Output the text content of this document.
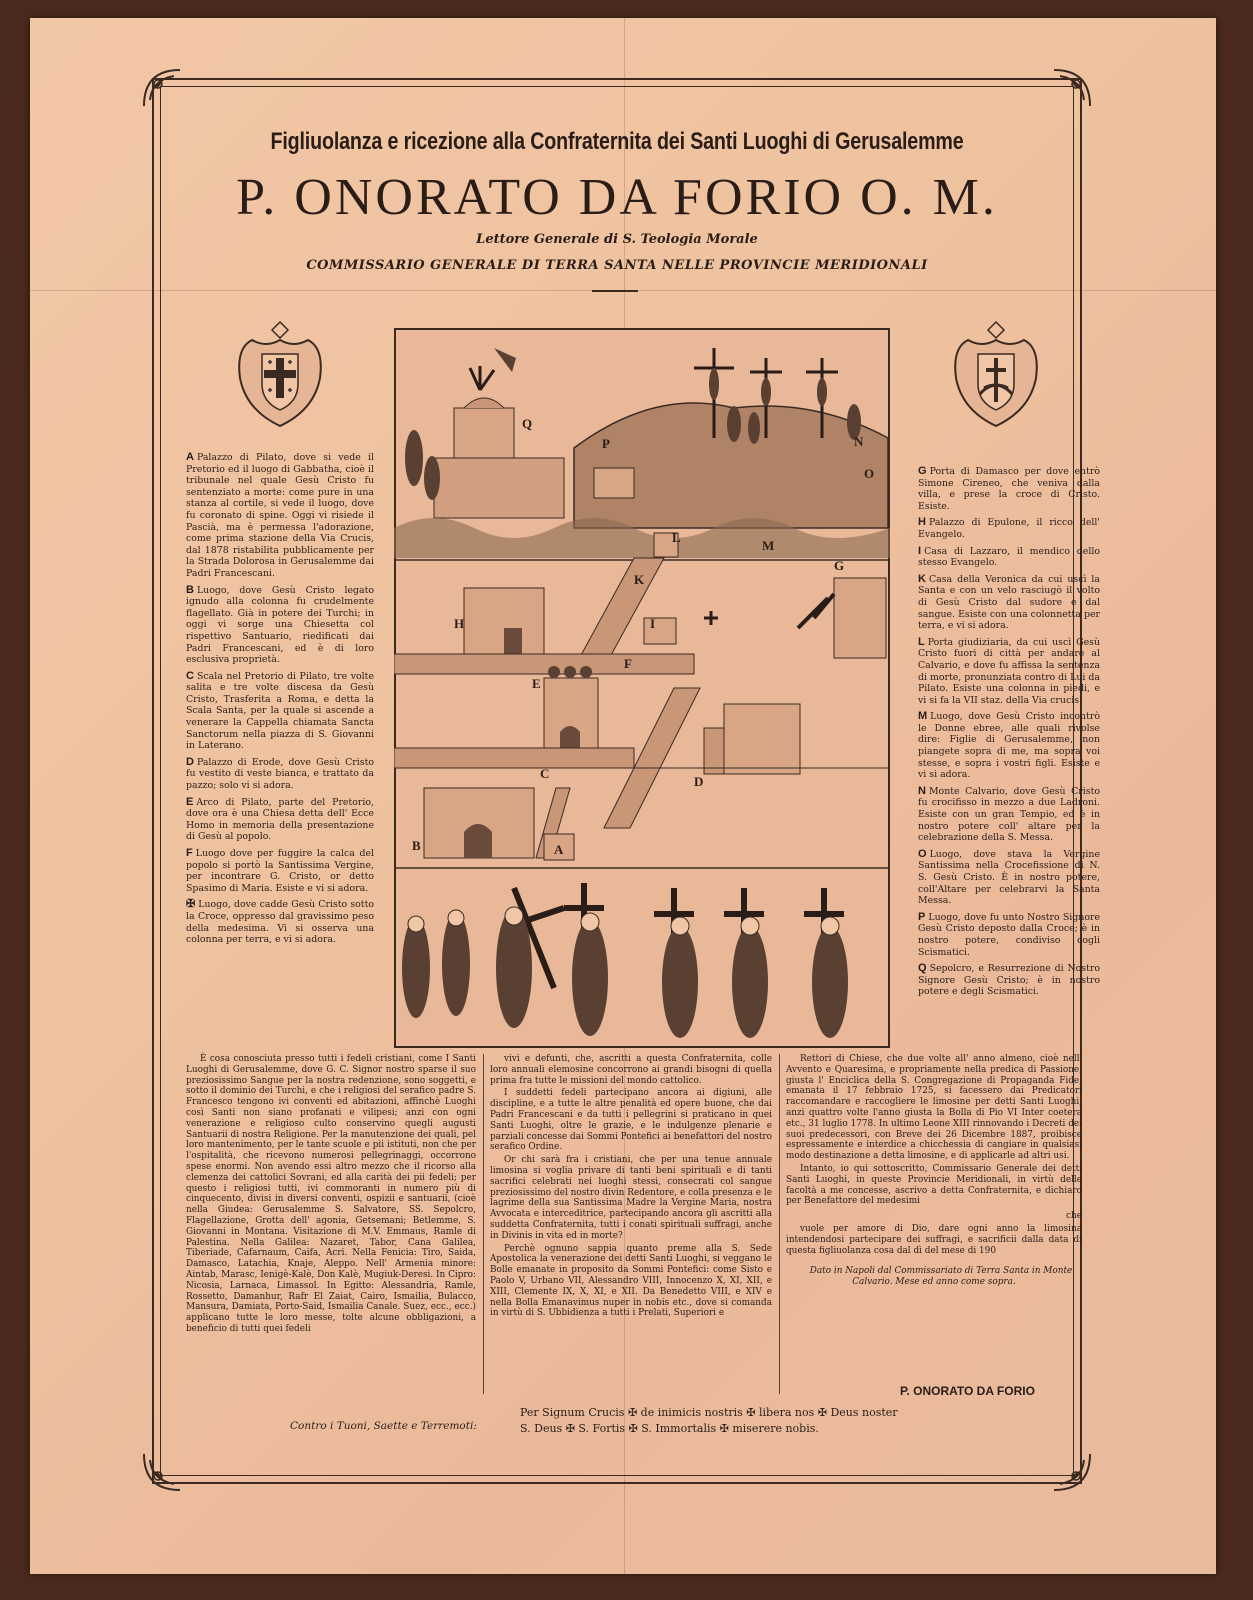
Figliuolanza e ricezione alla Confraternita dei Santi Luoghi di Gerusalemme
P. ONORATO DA FORIO O. M.
Lettore Generale di S. Teologia Morale
COMMISSARIO GENERALE DI TERRA SANTA NELLE PROVINCIE MERIDIONALI

A Palazzo di Pilato, dove si vede il Pretorio ed il luogo di Gabbatha, cioè il tribunale nel quale Gesù Cristo fu sentenziato a morte: come pure in una stanza al cortile, si vede il luogo, dove fu coronato di spine. Oggi vi risiede il Pascià, ma è permessa l'adorazione, come prima stazione della Via Crucis, dal 1878 ristabilita pubblicamente per la Strada Dolorosa in Gerusalemme dai Padri Francescani.

B Luogo, dove Gesù Cristo legato ignudo alla colonna fu crudelmente flagellato. Già in potere dei Turchi; in oggi vi sorge una Chiesetta col rispettivo Santuario, riedificati dai Padri Francescani, ed è di loro esclusiva proprietà.

C Scala nel Pretorio di Pilato, tre volte salita e tre volte discesa da Gesù Cristo, Trasferita a Roma, e detta la Scala Santa, per la quale si ascende a venerare la Cappella chiamata Sancta Sanctorum nella piazza di S. Giovanni in Laterano.

D Palazzo di Erode, dove Gesù Cristo fu vestito di veste bianca, e trattato da pazzo; solo vi si adora.

E Arco di Pilato, parte del Pretorio, dove ora è una Chiesa detta dell' Ecce Homo in memoria della presentazione di Gesù al popolo.

F Luogo dove per fuggire la calca del popolo si portò la Santissima Vergine, per incontrare G. Cristo, or detto Spasimo di Maria. Esiste e vi si adora.

✠ Luogo, dove cadde Gesù Cristo sotto la Croce, oppresso dal gravissimo peso della medesima. Vi si osserva una colonna per terra, e vi si adora.

G Porta di Damasco per dove entrò Simone Cireneo, che veniva dalla villa, e prese la croce di Cristo. Esiste.

H Palazzo di Epulone, il ricco dell' Evangelo.

I Casa di Lazzaro, il mendico dello stesso Evangelo.

K Casa della Veronica da cui uscì la Santa e con un velo rasciugò il volto di Gesù Cristo dal sudore e dal sangue. Esiste con una colonnetta per terra, e vi si adora.

L Porta giudiziaria, da cui uscì Gesù Cristo fuori di città per andare al Calvario, e dove fu affissa la sentenza di morte, pronunziata contro di Lui da Pilato. Esiste una colonna in piedi, e vi si fa la VII staz. della Via crucis.

M Luogo, dove Gesù Cristo incontrò le Donne ebree, alle quali rivolse dire: Figlie di Gerusalemme, non piangete sopra di me, ma sopra voi stesse, e sopra i vostri figli. Esiste e vi si adora.

N Monte Calvario, dove Gesù Cristo fu crocifisso in mezzo a due Ladroni. Esiste con un gran Tempio, ed è in nostro potere coll' altare per la celebrazione della S. Messa.

O Luogo, dove stava la Vergine Santissima nella Crocefissione di N. S. Gesù Cristo. È in nostro potere, coll'Altare per celebrarvi la Santa Messa.

P Luogo, dove fu unto Nostro Signore Gesù Cristo deposto dalla Croce; è in nostro potere, condiviso cogli Scismatici.

Q Sepolcro, e Resurrezione di Nostro Signore Gesù Cristo; è in nostro potere e degli Scismatici.

Q
P	N
O
L
M
K
G
H	I
F
E
D
C
B	A

È cosa conosciuta presso tutti i fedeli cristiani, come I Santi Luoghi di Gerusalemme, dove G. C. Signor nostro sparse il suo preziosissimo Sangue per la nostra redenzione, sono soggetti, e sotto il dominio dei Turchi, e che i religiosi del serafico padre S. Francesco tengono ivi conventi ed abitazioni, affinchè Luoghi così Santi non siano profanati e vilipesi; anzi con ogni venerazione e religioso culto conservino quegli augusti Santuarii di nostra Religione. Per la manutenzione dei quali, pel loro mantenimento, per le tante scuole e pii istituti, non che per l'ospitalità, che ricevono numerosi pellegrinaggi, occorrono spese enormi. Non avendo essi altro mezzo che il ricorso alla clemenza dei cattolici Sovrani, ed alla carità dei pii fedeli; per questo i religiosi tutti, ivi commoranti in numero più di cinquecento, divisi in diversi conventi, ospizii e santuarii, (cioè nella Giudea: Gerusalemme S. Salvatore, SS. Sepolcro, Flagellazione, Grotta dell' agonia, Getsemani; Betlemme, S. Giovanni in Montana. Visitazione di M.V. Emmaus, Ramle di Palestina. Nella Galilea: Nazaret, Tabor, Cana Galilea, Tiberiade, Cafarnaum, Caifa, Acri. Nella Fenicia: Tiro, Saida, Damasco, Latachia, Knaje, Aleppo. Nell' Armenia minore: Aintab, Marasc, Ienigè-Kalè, Don Kalè, Mugiuk-Deresi. In Cipro: Nicosia, Larnaca, Limassol. In Egitto: Alessandria, Ramle, Rossetto, Damanhur, Rafr El Zaiat, Cairo, Ismailia, Bulacco, Mansura, Damiata, Porto-Said, Ismailia Canale. Suez, ecc., ecc.) applicano tutte le loro messe, tolte alcune obbligazioni, a beneficio di tutti quei fedeli

vivi e defunti, che, ascritti a questa Confraternita, colle loro annuali elemosine concorrono ai grandi bisogni di quella prima fra tutte le missioni del mondo cattolico.

I suddetti fedeli partecipano ancora ai digiuni, alle discipline, e a tutte le altre penalità ed opere buone, che dai Padri Francescani e da tutti i pellegrini si praticano in quei Santi Luoghi, oltre le grazie, e le indulgenze plenarie e parziali concesse dai Sommi Pontefici ai benefattori del nostro serafico Ordine.

Or chi sarà fra i cristiani, che per una tenue annuale limosina si voglia privare di tanti beni spirituali e di tanti sacrifici celebrati nei luoghi stessi, consecrati col sangue preziosissimo del nostro divin Redentore, e colla presenza e le lagrime della sua Santissima Madre la Vergine Maria, nostra Avvocata e interceditrice, partecipando ancora gli ascritti alla suddetta Confraternita, tutti i conati spirituali suffragi, anche in Divinis in vita ed in morte?

Perchè ognuno sappia quanto preme alla S. Sede Apostolica la venerazione dei detti Santi Luoghi, si veggano le Bolle emanate in proposito da Sommi Pontefici: come Sisto e Paolo V, Urbano VII, Alessandro VIII, Innocenzo X, XI, XII, e XIII, Clemente IX, X, XI, e XII. Da Benedetto VIII, e XIV e nella Bolla Emanavimus nuper in nobis etc., dove si comanda in virtù di S. Ubbidienza a tutti i Prelati, Superiori e

Rettori di Chiese, che due volte all' anno almeno, cioè nell' Avvento e Quaresima, e propriamente nella predica di Passione, giusta l' Enciclica della S. Congregazione di Propaganda Fide, emanata il 17 febbraio 1725, si facessero dai Predicatori raccomandare e raccogliere le limosine per detti Santi Luoghi, anzi quattro volte l'anno giusta la Bolla di Pio VI Inter coetera etc., 31 luglio 1778. In ultimo Leone XIII rinnovando i Decreti dei suoi predecessori, con Breve dei 26 Dicembre 1887, proibisce espressamente e interdice a chicchessia di cangiare in qualsiasi modo destinazione a detta limosine, e di applicarle ad altri usi.

Intanto, io qui sottoscritto, Commissario Generale dei detti Santi Luoghi, in queste Provincie Meridionali, in virtù delle facoltà a me concesse, ascrivo a detta Confraternita, e dichiaro per Benefattore del medesimi

che

vuole per amore di Dio, dare ogni anno la limosina intendendosi partecipare dei suffragi, e sacrificii dalla data di questa figliuolanza cosa dal dì del mese di 190

Dato in Napoli dal Commissariato di Terra Santa in Monte Calvario. Mese ed anno come sopra.

P. ONORATO DA FORIO
Contro i Tuoni, Saette e Terremoti:
Per Signum Crucis ✠ de inimicis nostris ✠ libera nos ✠ Deus noster
S. Deus ✠ S. Fortis ✠ S. Immortalis ✠ miserere nobis.
